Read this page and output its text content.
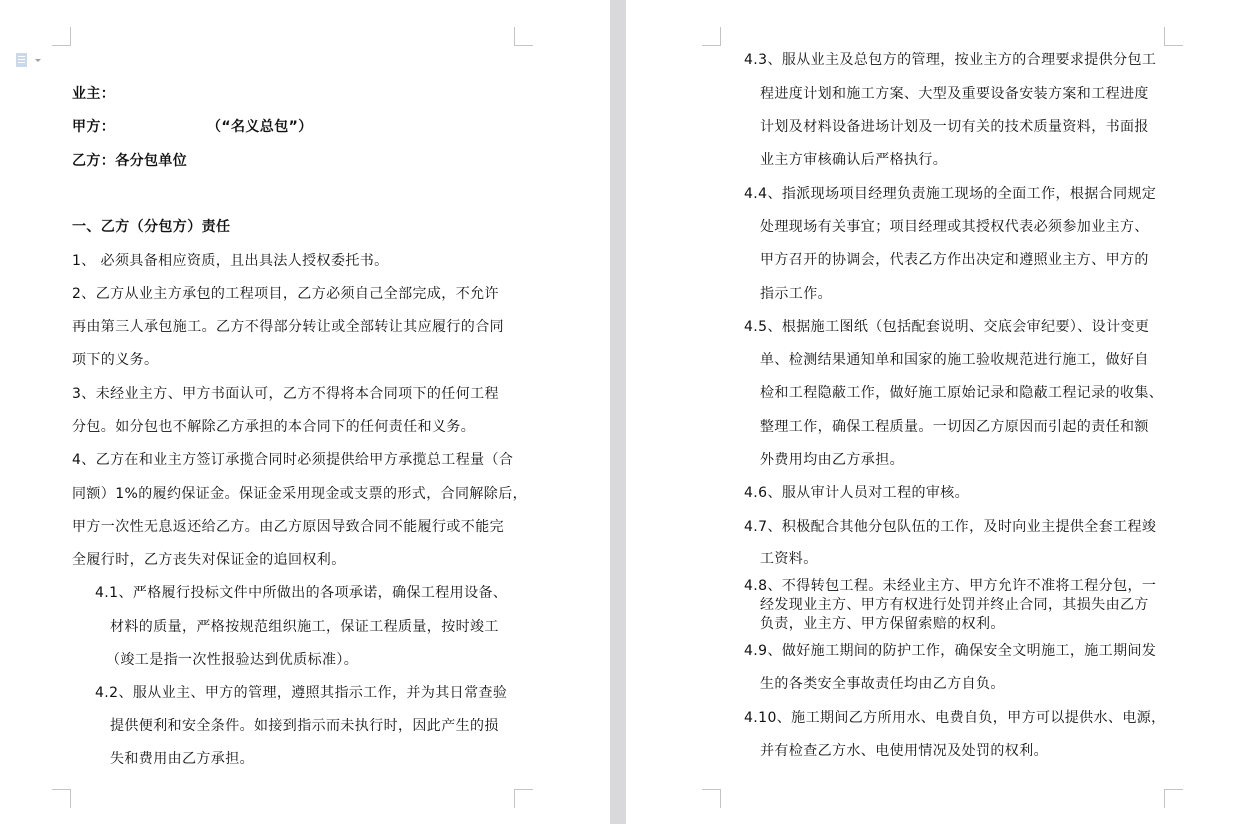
业主：
甲方：	（“名义总包”）
乙方：各分包单位
一、乙方（分包方）责任
1、 必须具备相应资质，且出具法人授权委托书。
2、乙方从业主方承包的工程项目，乙方必须自己全部完成，不允许
再由第三人承包施工。乙方不得部分转让或全部转让其应履行的合同
项下的义务。
3、未经业主方、甲方书面认可，乙方不得将本合同项下的任何工程
分包。如分包也不解除乙方承担的本合同下的任何责任和义务。
4、乙方在和业主方签订承揽合同时必须提供给甲方承揽总工程量（合
同额）1%的履约保证金。保证金采用现金或支票的形式，合同解除后，
甲方一次性无息返还给乙方。由乙方原因导致合同不能履行或不能完
全履行时，乙方丧失对保证金的追回权利。
4.1、严格履行投标文件中所做出的各项承诺，确保工程用设备、
材料的质量，严格按规范组织施工，保证工程质量，按时竣工
（竣工是指一次性报验达到优质标准）。
4.2、服从业主、甲方的管理，遵照其指示工作，并为其日常查验
提供便利和安全条件。如接到指示而未执行时，因此产生的损
失和费用由乙方承担。
4.3、服从业主及总包方的管理，按业主方的合理要求提供分包工
程进度计划和施工方案、大型及重要设备安装方案和工程进度
计划及材料设备进场计划及一切有关的技术质量资料，书面报
业主方审核确认后严格执行。
4.4、指派现场项目经理负责施工现场的全面工作，根据合同规定
处理现场有关事宜；项目经理或其授权代表必须参加业主方、
甲方召开的协调会，代表乙方作出决定和遵照业主方、甲方的
指示工作。
4.5、根据施工图纸（包括配套说明、交底会审纪要）、设计变更
单、检测结果通知单和国家的施工验收规范进行施工，做好自
检和工程隐蔽工作，做好施工原始记录和隐蔽工程记录的收集、
整理工作，确保工程质量。一切因乙方原因而引起的责任和额
外费用均由乙方承担。
4.6、服从审计人员对工程的审核。
4.7、积极配合其他分包队伍的工作，及时向业主提供全套工程竣
工资料。
4.8、不得转包工程。未经业主方、甲方允许不准将工程分包，一
经发现业主方、甲方有权进行处罚并终止合同，其损失由乙方
负责，业主方、甲方保留索赔的权利。
4.9、做好施工期间的防护工作，确保安全文明施工，施工期间发
生的各类安全事故责任均由乙方自负。
4.10、施工期间乙方所用水、电费自负，甲方可以提供水、电源，
并有检查乙方水、电使用情况及处罚的权利。
